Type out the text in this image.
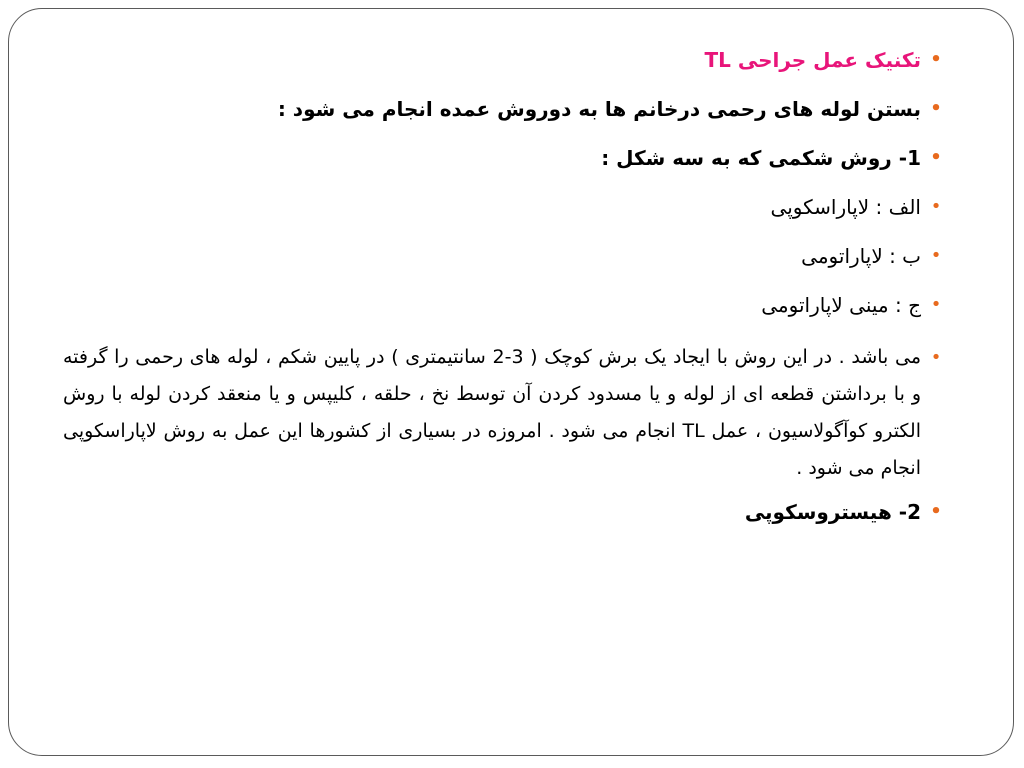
•
تکنیک عمل جراحی TL
•
بستن لوله های رحمی درخانم ها به دوروش عمده انجام می شود :
•
1- روش شکمی که به سه شکل :
•
الف : لاپاراسکوپی
•
ب : لاپاراتومی
•
ج : مینی لاپاراتومی
•
می باشد . در این روش با ایجاد یک برش کوچک ( 3-2 سانتیمتری ) در پایین شکم ، لوله های رحمی را گرفته و با برداشتن قطعه ای از لوله و یا مسدود کردن آن توسط نخ ، حلقه ، کلیپس و یا منعقد کردن لوله با روش الکترو کوآگولاسیون ، عمل TL انجام می شود . امروزه در بسیاری از کشورها این عمل به روش لاپاراسکوپی انجام می شود .
•
2- هیستروسکوپی
